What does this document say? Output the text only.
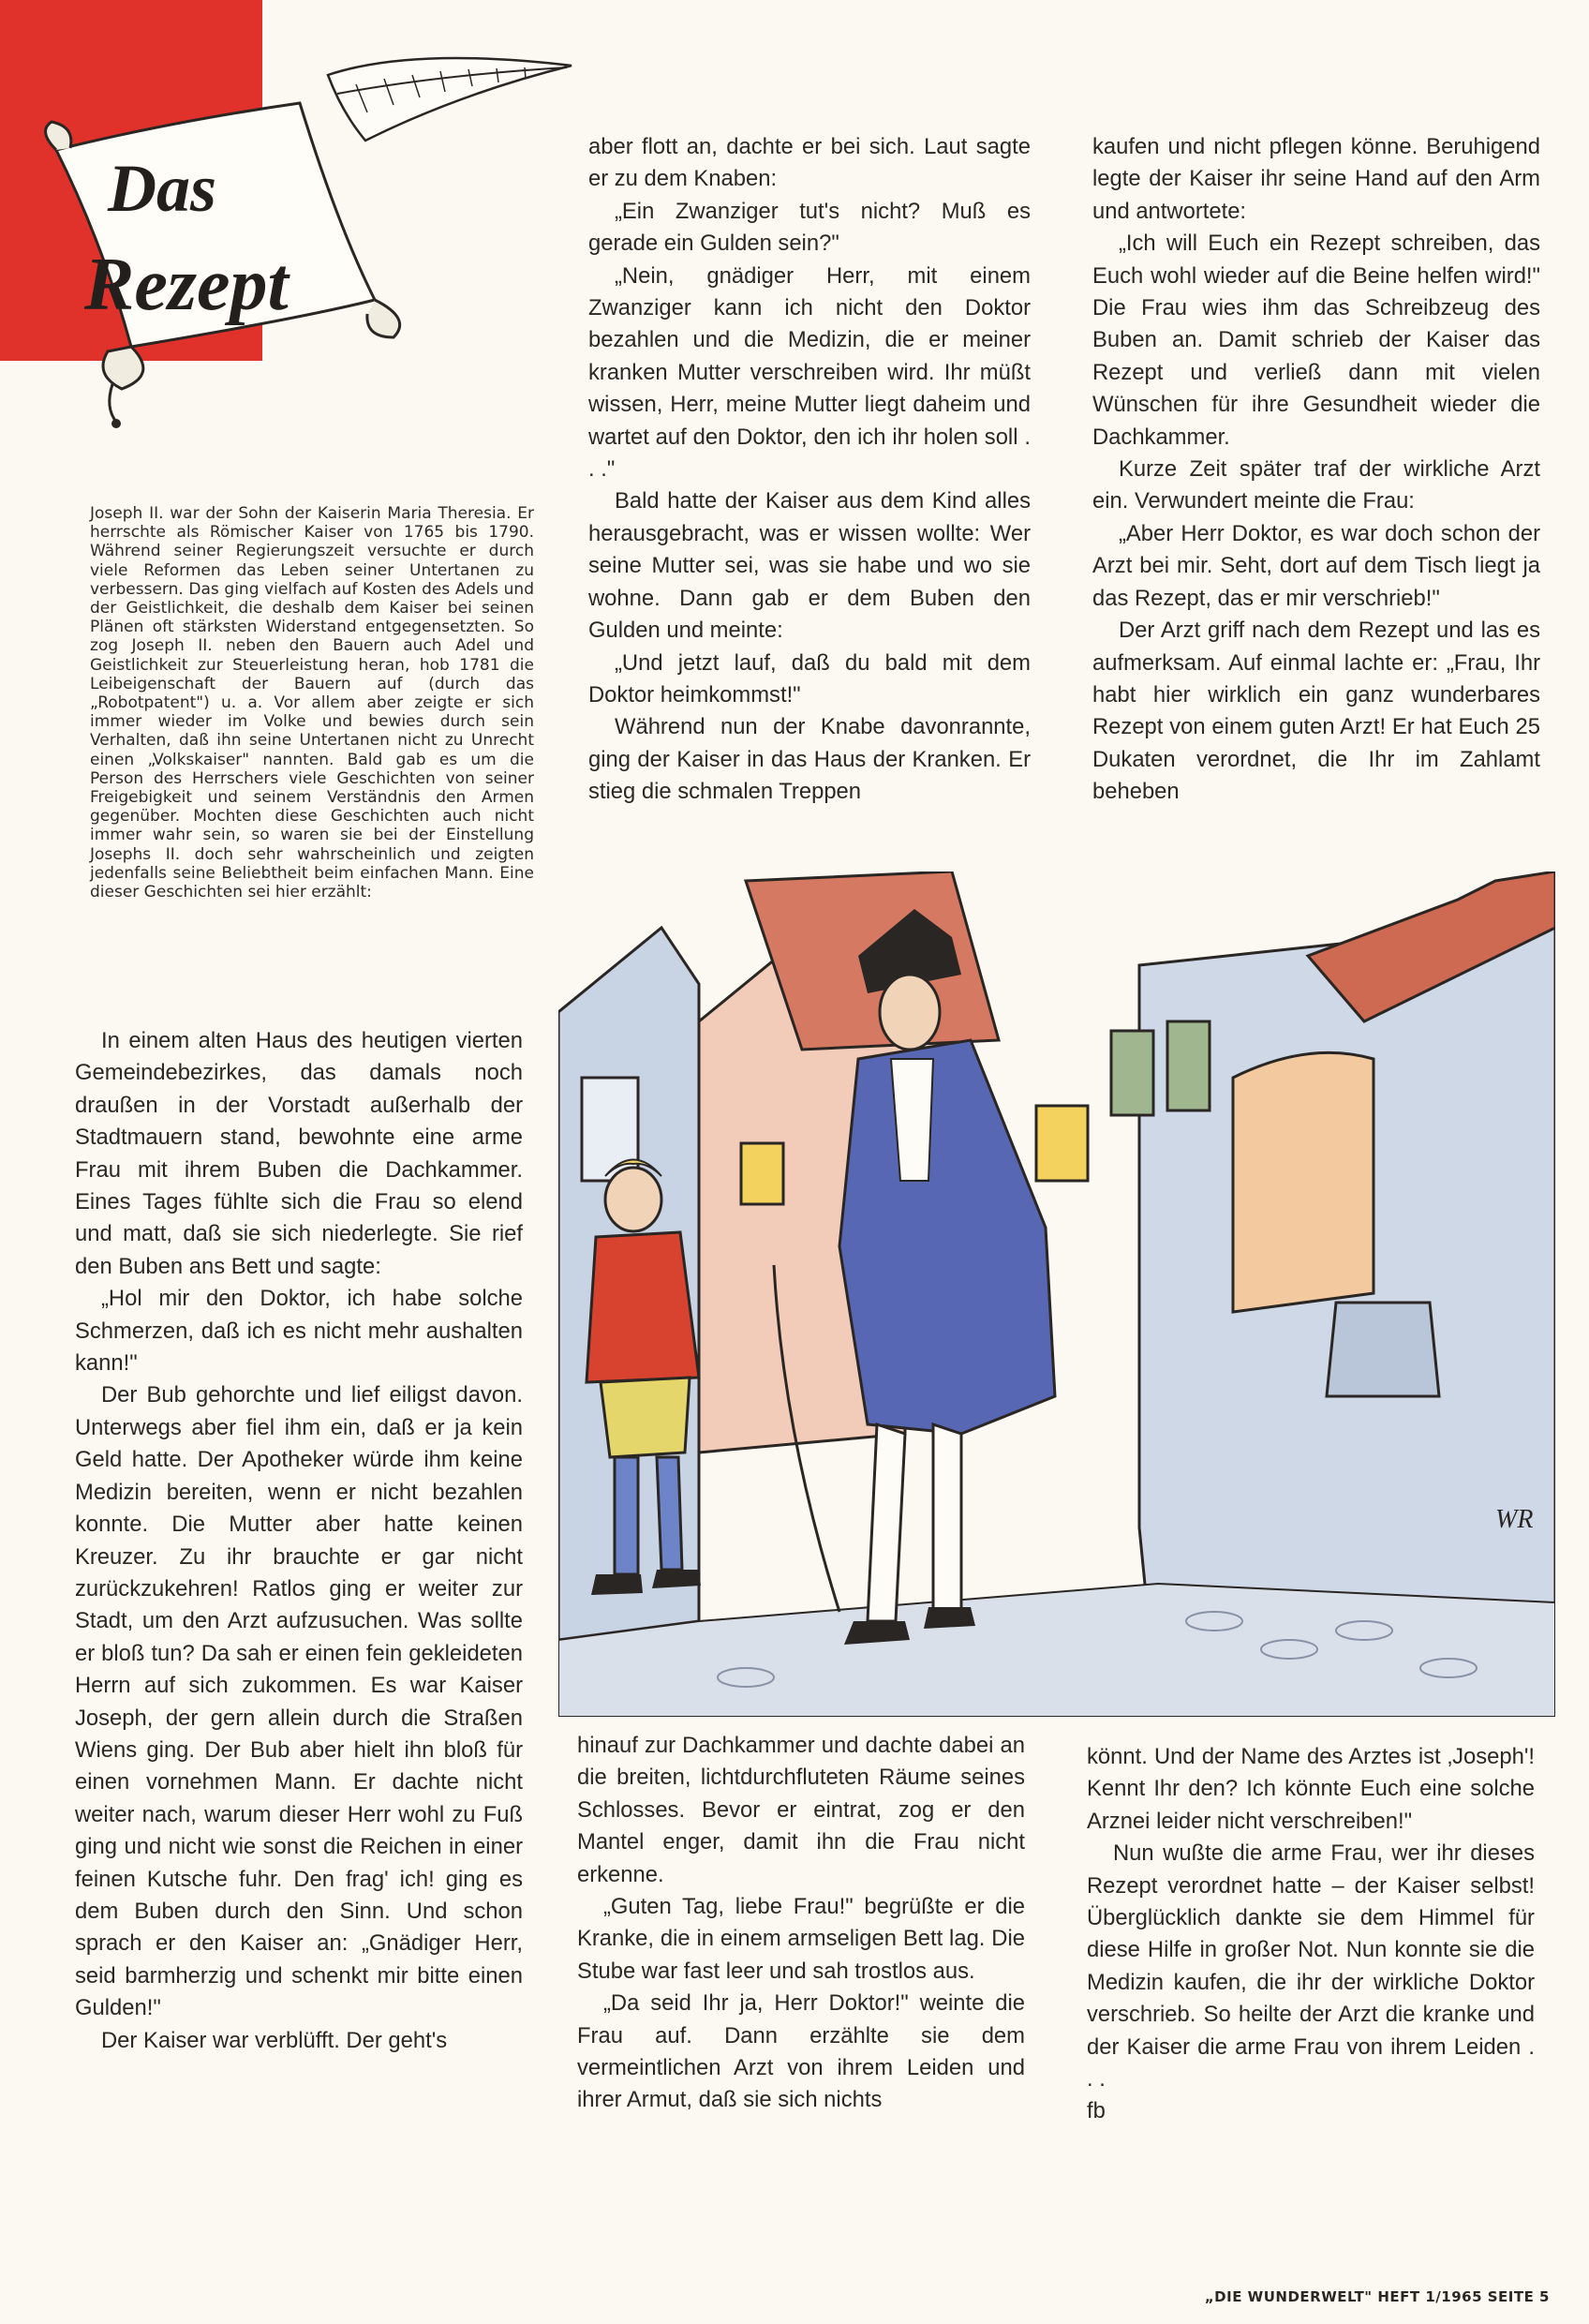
Das
Rezept

Joseph II. war der Sohn der Kaiserin Maria Theresia. Er herrschte als Römischer Kaiser von 1765 bis 1790. Während seiner Regierungszeit versuchte er durch viele Reformen das Leben seiner Untertanen zu verbessern. Das ging vielfach auf Kosten des Adels und der Geistlichkeit, die deshalb dem Kaiser bei seinen Plänen oft stärksten Widerstand entgegensetzten. So zog Joseph II. neben den Bauern auch Adel und Geistlichkeit zur Steuerleistung heran, hob 1781 die Leibeigenschaft der Bauern auf (durch das „Robotpatent") u. a. Vor allem aber zeigte er sich immer wieder im Volke und bewies durch sein Verhalten, daß ihn seine Untertanen nicht zu Unrecht einen „Volkskaiser" nannten. Bald gab es um die Person des Herrschers viele Geschichten von seiner Freigebigkeit und seinem Verständnis den Armen gegenüber. Mochten diese Geschichten auch nicht immer wahr sein, so waren sie bei der Einstellung Josephs II. doch sehr wahrscheinlich und zeigten jedenfalls seine Beliebtheit beim einfachen Mann. Eine dieser Geschichten sei hier erzählt:

In einem alten Haus des heutigen vierten Gemeindebezirkes, das damals noch draußen in der Vorstadt außerhalb der Stadtmauern stand, bewohnte eine arme Frau mit ihrem Buben die Dachkammer. Eines Tages fühlte sich die Frau so elend und matt, daß sie sich niederlegte. Sie rief den Buben ans Bett und sagte:

„Hol mir den Doktor, ich habe solche Schmerzen, daß ich es nicht mehr aushalten kann!"

Der Bub gehorchte und lief eiligst davon. Unterwegs aber fiel ihm ein, daß er ja kein Geld hatte. Der Apotheker würde ihm keine Medizin bereiten, wenn er nicht bezahlen konnte. Die Mutter aber hatte keinen Kreuzer. Zu ihr brauchte er gar nicht zurückzukehren! Ratlos ging er weiter zur Stadt, um den Arzt aufzusuchen. Was sollte er bloß tun? Da sah er einen fein gekleideten Herrn auf sich zukommen. Es war Kaiser Joseph, der gern allein durch die Straßen Wiens ging. Der Bub aber hielt ihn bloß für einen vornehmen Mann. Er dachte nicht weiter nach, warum dieser Herr wohl zu Fuß ging und nicht wie sonst die Reichen in einer feinen Kutsche fuhr. Den frag' ich! ging es dem Buben durch den Sinn. Und schon sprach er den Kaiser an: „Gnädiger Herr, seid barmherzig und schenkt mir bitte einen Gulden!"

Der Kaiser war verblüfft. Der geht's

aber flott an, dachte er bei sich. Laut sagte er zu dem Knaben:

„Ein Zwanziger tut's nicht? Muß es gerade ein Gulden sein?"

„Nein, gnädiger Herr, mit einem Zwanziger kann ich nicht den Doktor bezahlen und die Medizin, die er meiner kranken Mutter verschreiben wird. Ihr müßt wissen, Herr, meine Mutter liegt daheim und wartet auf den Doktor, den ich ihr holen soll . . ."

Bald hatte der Kaiser aus dem Kind alles herausgebracht, was er wissen wollte: Wer seine Mutter sei, was sie habe und wo sie wohne. Dann gab er dem Buben den Gulden und meinte:

„Und jetzt lauf, daß du bald mit dem Doktor heimkommst!"

Während nun der Knabe davonrannte, ging der Kaiser in das Haus der Kranken. Er stieg die schmalen Treppen

kaufen und nicht pflegen könne. Beruhigend legte der Kaiser ihr seine Hand auf den Arm und antwortete:

„Ich will Euch ein Rezept schreiben, das Euch wohl wieder auf die Beine helfen wird!" Die Frau wies ihm das Schreibzeug des Buben an. Damit schrieb der Kaiser das Rezept und verließ dann mit vielen Wünschen für ihre Gesundheit wieder die Dachkammer.

Kurze Zeit später traf der wirkliche Arzt ein. Verwundert meinte die Frau:

„Aber Herr Doktor, es war doch schon der Arzt bei mir. Seht, dort auf dem Tisch liegt ja das Rezept, das er mir verschrieb!"

Der Arzt griff nach dem Rezept und las es aufmerksam. Auf einmal lachte er: „Frau, Ihr habt hier wirklich ein ganz wunderbares Rezept von einem guten Arzt! Er hat Euch 25 Dukaten verordnet, die Ihr im Zahlamt beheben

WR

hinauf zur Dachkammer und dachte dabei an die breiten, lichtdurchfluteten Räume seines Schlosses. Bevor er eintrat, zog er den Mantel enger, damit ihn die Frau nicht erkenne.

„Guten Tag, liebe Frau!" begrüßte er die Kranke, die in einem armseligen Bett lag. Die Stube war fast leer und sah trostlos aus.

„Da seid Ihr ja, Herr Doktor!" weinte die Frau auf. Dann erzählte sie dem vermeintlichen Arzt von ihrem Leiden und ihrer Armut, daß sie sich nichts

könnt. Und der Name des Arztes ist ‚Joseph'! Kennt Ihr den? Ich könnte Euch eine solche Arznei leider nicht verschreiben!"

Nun wußte die arme Frau, wer ihr dieses Rezept verordnet hatte – der Kaiser selbst! Überglücklich dankte sie dem Himmel für diese Hilfe in großer Not. Nun konnte sie die Medizin kaufen, die ihr der wirkliche Doktor verschrieb. So heilte der Arzt die kranke und der Kaiser die arme Frau von ihrem Leiden . . .

fb

„DIE WUNDERWELT" HEFT 1/1965 SEITE 5
